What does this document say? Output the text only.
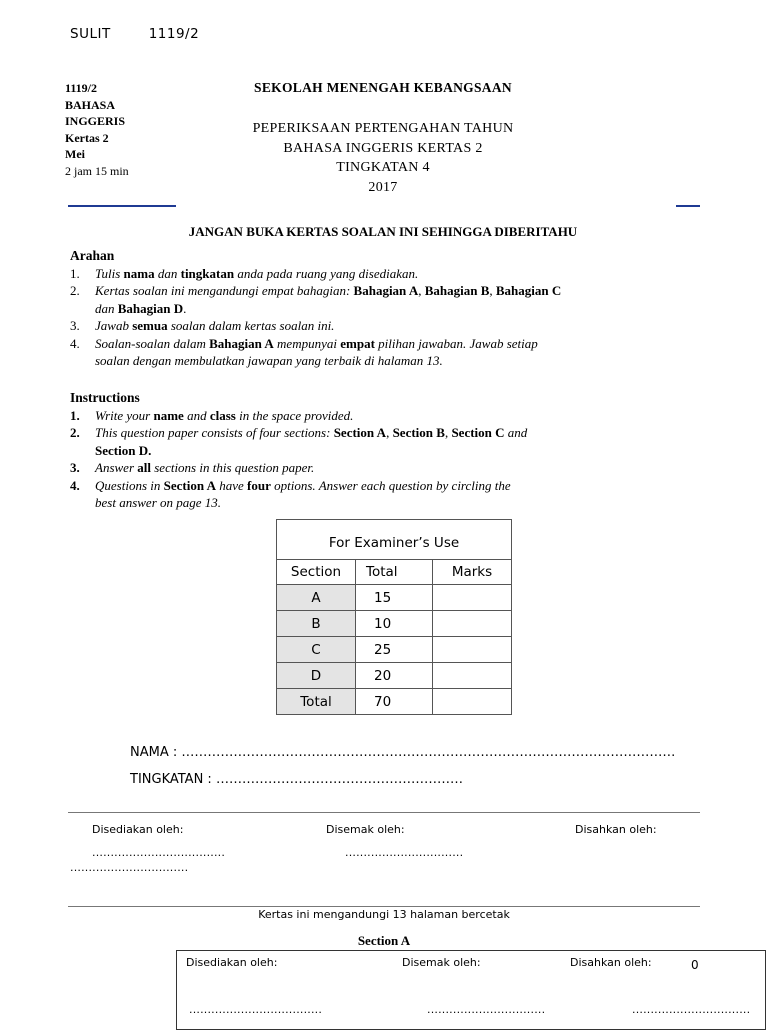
SULIT	1119/2
1119/2
BAHASA
INGGERIS
Kertas 2
Mei
2 jam 15 min
SEKOLAH MENENGAH KEBANGSAAN
PEPERIKSAAN PERTENGAHAN TAHUN
BAHASA INGGERIS KERTAS 2
TINGKATAN 4
2017
JANGAN BUKA KERTAS SOALAN INI SEHINGGA DIBERITAHU
Arahan
1.	Tulis nama dan tingkatan anda pada ruang yang disediakan.
2.	Kertas soalan ini mengandungi empat bahagian: Bahagian A, Bahagian B, Bahagian C
dan Bahagian D.
3.	Jawab semua soalan dalam kertas soalan ini.
4.	Soalan-soalan dalam Bahagian A mempunyai empat pilihan jawaban. Jawab setiap
soalan dengan membulatkan jawapan yang terbaik di halaman 13.
Instructions
1.	Write your name and class in the space provided.
2.	This question paper consists of four sections: Section A, Section B, Section C and
Section D.
3.	Answer all sections in this question paper.
4.	Questions in Section A have four options. Answer each question by circling the
best answer on page 13.
For Examiner’s Use		
Section	Total	Marks
A	15	
B	10	
C	25	
D	20	
Total	70	
NAMA : ……………………………………………………………………………………………………
TINGKATAN : …………………………………………………
Disediakan oleh:	Disemak oleh:	Disahkan oleh:
....................................	................................
................................
Kertas ini mengandungi 13 halaman bercetak
Section A
Disediakan oleh:	Disemak oleh:	Disahkan oleh:	0
....................................	................................	................................
